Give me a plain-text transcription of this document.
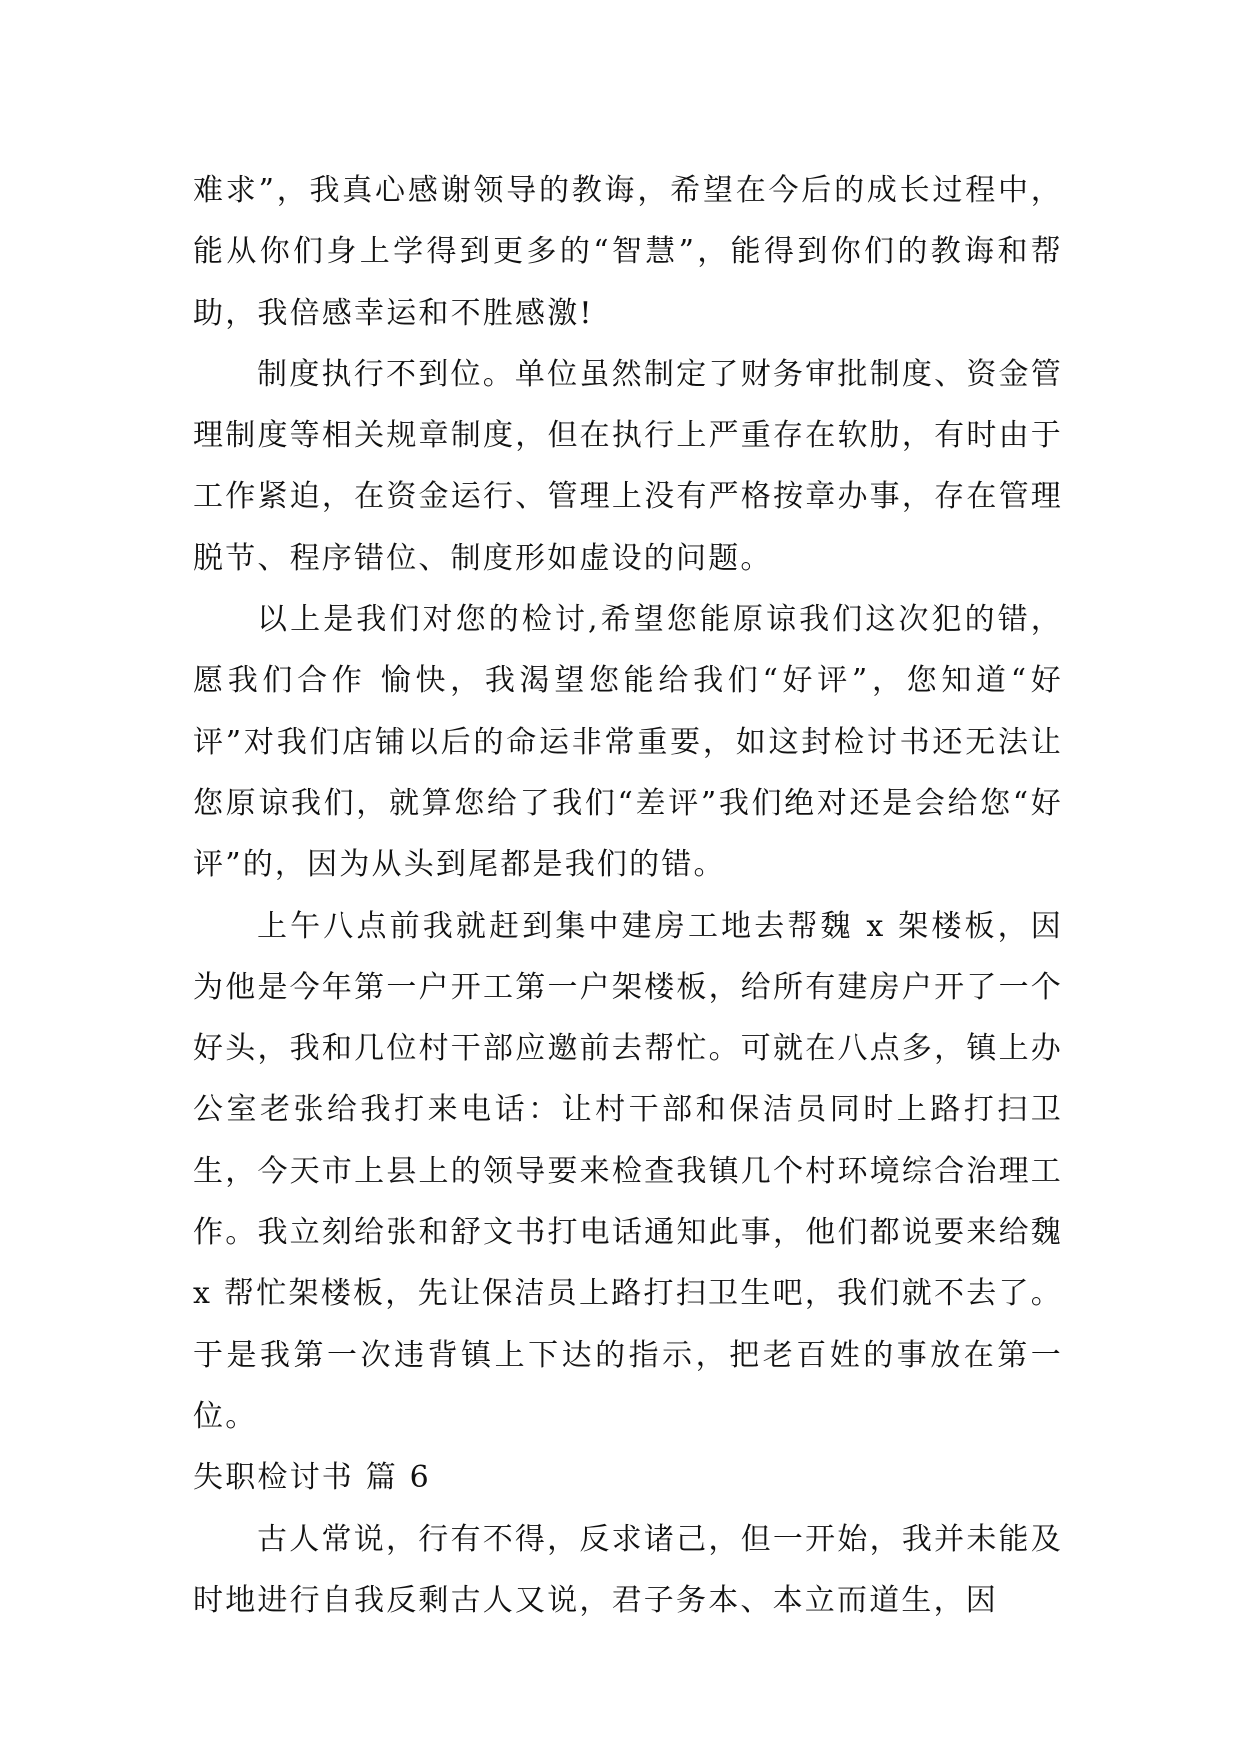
难求”，我真心感谢领导的教诲，希望在今后的成长过程中，能从你们身上学得到更多的“智慧”，能得到你们的教诲和帮助，我倍感幸运和不胜感激!

制度执行不到位。单位虽然制定了财务审批制度、资金管理制度等相关规章制度，但在执行上严重存在软肋，有时由于工作紧迫，在资金运行、管理上没有严格按章办事，存在管理脱节、程序错位、制度形如虚设的问题。

以上是我们对您的检讨,希望您能原谅我们这次犯的错，愿我们合作 愉快，我渴望您能给我们“好评”，您知道“好评”对我们店铺以后的命运非常重要，如这封检讨书还无法让您原谅我们，就算您给了我们“差评”我们绝对还是会给您“好评”的，因为从头到尾都是我们的错。

上午八点前我就赶到集中建房工地去帮魏 x 架楼板，因为他是今年第一户开工第一户架楼板，给所有建房户开了一个好头，我和几位村干部应邀前去帮忙。可就在八点多，镇上办公室老张给我打来电话：让村干部和保洁员同时上路打扫卫生，今天市上县上的领导要来检查我镇几个村环境综合治理工作。我立刻给张和舒文书打电话通知此事，他们都说要来给魏 x 帮忙架楼板，先让保洁员上路打扫卫生吧，我们就不去了。于是我第一次违背镇上下达的指示，把老百姓的事放在第一位。

失职检讨书 篇 6

古人常说，行有不得，反求诸己，但一开始，我并未能及时地进行自我反剩古人又说，君子务本、本立而道生，因
